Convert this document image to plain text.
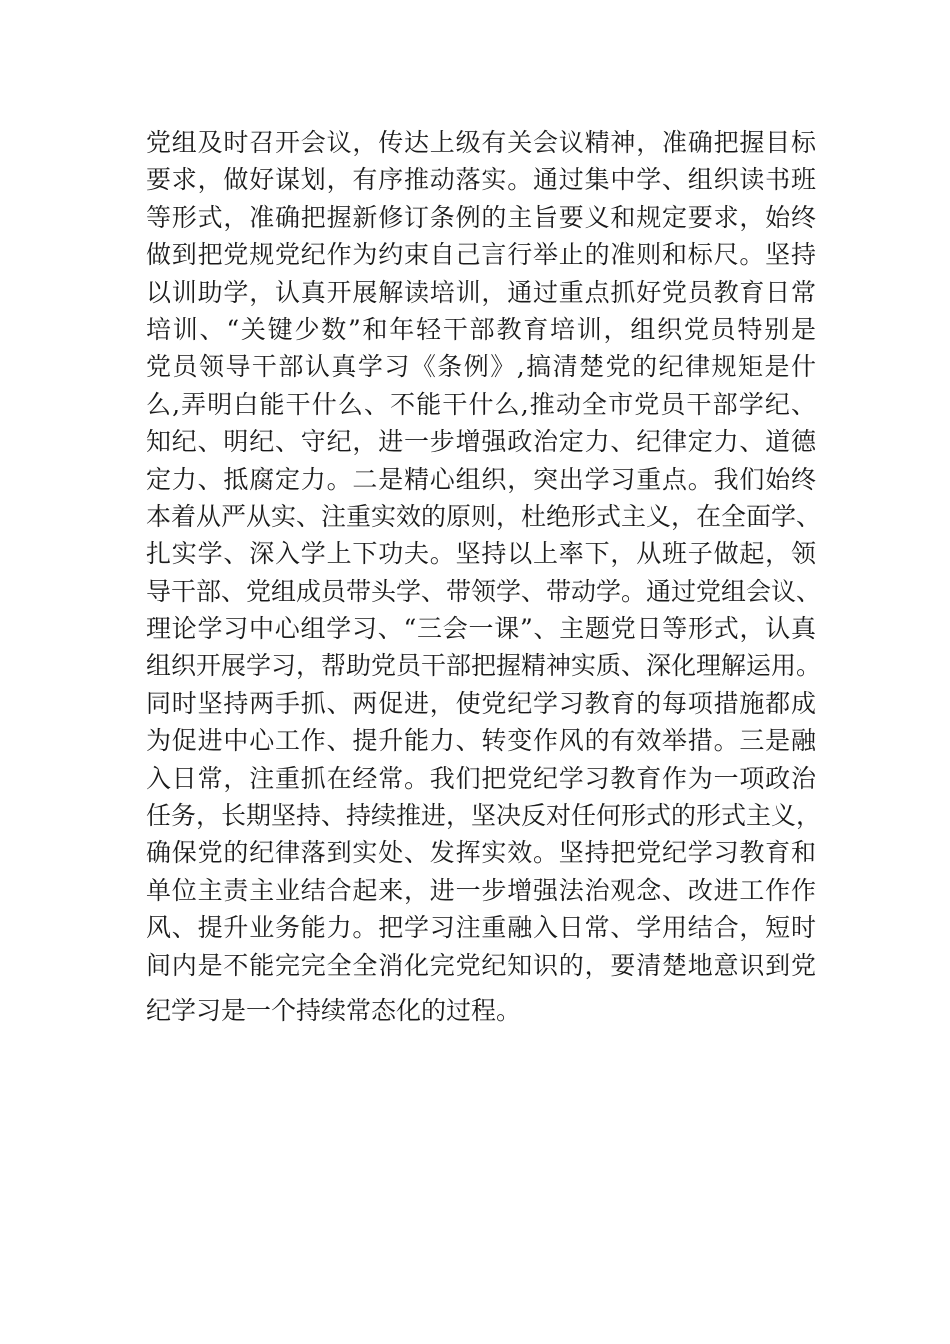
党组及时召开会议，传达上级有关会议精神，准确把握目标
要求，做好谋划，有序推动落实。通过集中学、组织读书班
等形式，准确把握新修订条例的主旨要义和规定要求，始终
做到把党规党纪作为约束自己言行举止的准则和标尺。坚持
以训助学，认真开展解读培训，通过重点抓好党员教育日常
培训、“关键少数”和年轻干部教育培训，组织党员特别是
党员领导干部认真学习《条例》,搞清楚党的纪律规矩是什
么,弄明白能干什么、不能干什么,推动全市党员干部学纪、
知纪、明纪、守纪，进一步增强政治定力、纪律定力、道德
定力、抵腐定力。二是精心组织，突出学习重点。我们始终
本着从严从实、注重实效的原则，杜绝形式主义，在全面学、
扎实学、深入学上下功夫。坚持以上率下，从班子做起，领
导干部、党组成员带头学、带领学、带动学。通过党组会议、
理论学习中心组学习、“三会一课”、主题党日等形式，认真
组织开展学习，帮助党员干部把握精神实质、深化理解运用。
同时坚持两手抓、两促进，使党纪学习教育的每项措施都成
为促进中心工作、提升能力、转变作风的有效举措。三是融
入日常，注重抓在经常。我们把党纪学习教育作为一项政治
任务，长期坚持、持续推进，坚决反对任何形式的形式主义，
确保党的纪律落到实处、发挥实效。坚持把党纪学习教育和
单位主责主业结合起来，进一步增强法治观念、改进工作作
风、提升业务能力。把学习注重融入日常、学用结合，短时
间内是不能完完全全消化完党纪知识的，要清楚地意识到党
纪学习是一个持续常态化的过程。
